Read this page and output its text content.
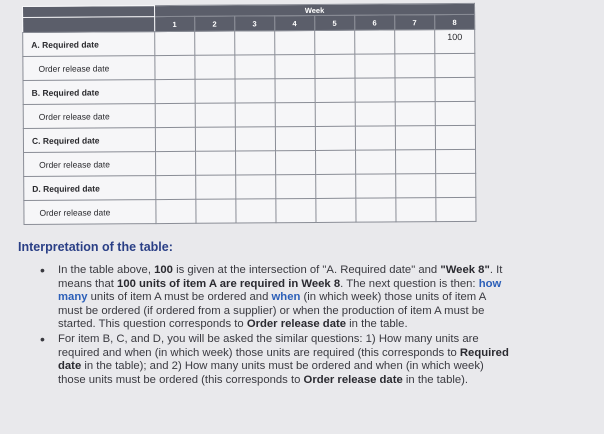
	Week							
	1	2	3	4	5	6	7	8
A. Required date								100
Order release date								
B. Required date								
Order release date								
C. Required date								
Order release date								
D. Required date								
Order release date								
Interpretation of the table:
• In the table above, 100 is given at the intersection of "A. Required date" and "Week 8". It means that 100 units of item A are required in Week 8. The next question is then: how many units of item A must be ordered and when (in which week) those units of item A must be ordered (if ordered from a supplier) or when the production of item A must be started. This question corresponds to Order release date in the table.
• For item B, C, and D, you will be asked the similar questions: 1) How many units are required and when (in which week) those units are required (this corresponds to Required date in the table); and 2) How many units must be ordered and when (in which week) those units must be ordered (this corresponds to Order release date in the table).
